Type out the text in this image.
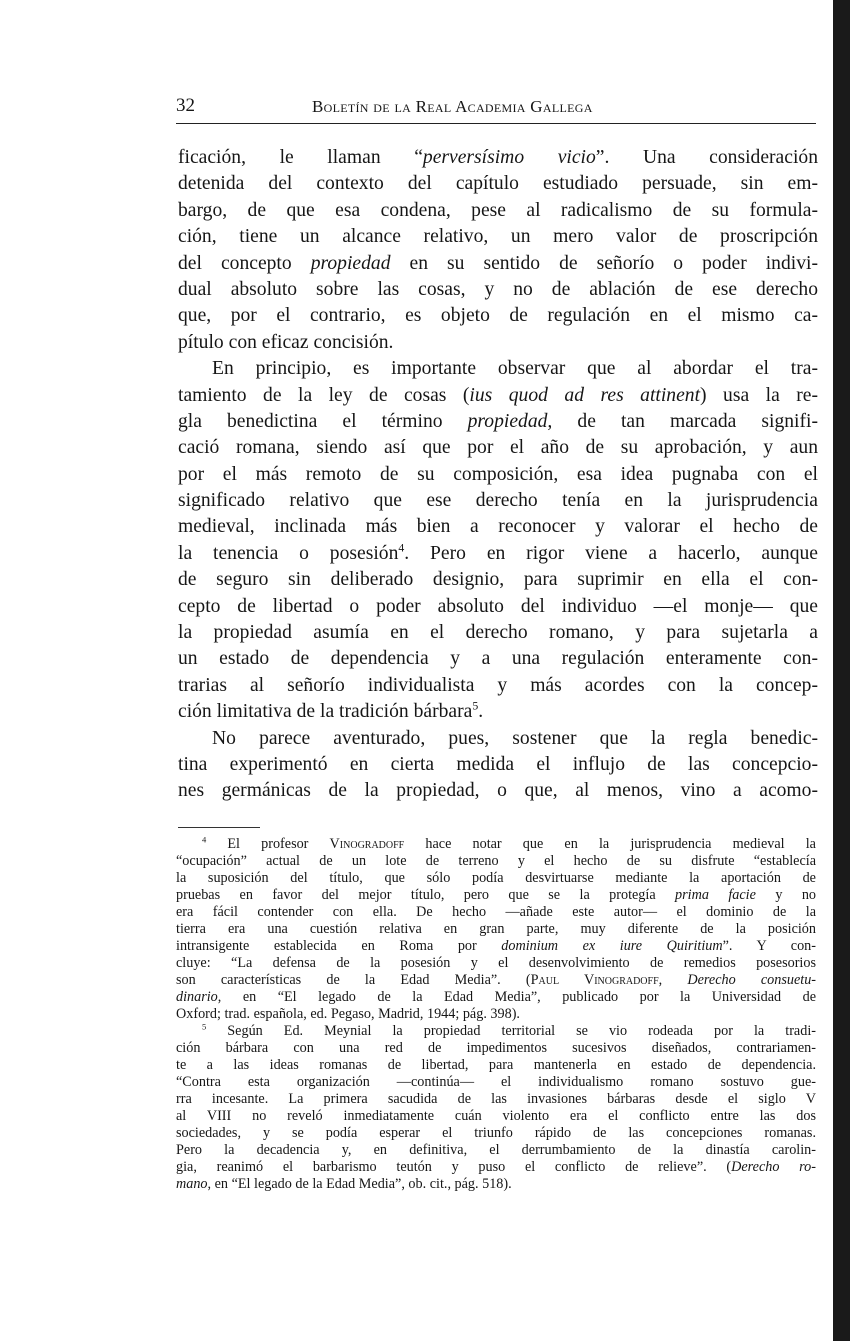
32	Boletín de la Real Academia Gallega
ficación, le llaman “perversísimo vicio”. Una consideración
detenida del contexto del capítulo estudiado persuade, sin em-
bargo, de que esa condena, pese al radicalismo de su formula-
ción, tiene un alcance relativo, un mero valor de proscripción
del concepto propiedad en su sentido de señorío o poder indivi-
dual absoluto sobre las cosas, y no de ablación de ese derecho
que, por el contrario, es objeto de regulación en el mismo ca-
pítulo con eficaz concisión.
En principio, es importante observar que al abordar el tra-
tamiento de la ley de cosas (ius quod ad res attinent) usa la re-
gla benedictina el término propiedad, de tan marcada signifi-
cació romana, siendo así que por el año de su aprobación, y aun
por el más remoto de su composición, esa idea pugnaba con el
significado relativo que ese derecho tenía en la jurisprudencia
medieval, inclinada más bien a reconocer y valorar el hecho de
la tenencia o posesión$^4$. Pero en rigor viene a hacerlo, aunque
de seguro sin deliberado designio, para suprimir en ella el con-
cepto de libertad o poder absoluto del individuo —el monje— que
la propiedad asumía en el derecho romano, y para sujetarla a
un estado de dependencia y a una regulación enteramente con-
trarias al señorío individualista y más acordes con la concep-
ción limitativa de la tradición bárbara$^5$.
No parece aventurado, pues, sostener que la regla benedic-
tina experimentó en cierta medida el influjo de las concepcio-
nes germánicas de la propiedad, o que, al menos, vino a acomo-
$^4$ El profesor Vinogradoff hace notar que en la jurisprudencia medieval la
“ocupación” actual de un lote de terreno y el hecho de su disfrute “establecía
la suposición del título, que sólo podía desvirtuarse mediante la aportación de
pruebas en favor del mejor título, pero que se la protegía prima facie y no
era fácil contender con ella. De hecho —añade este autor— el dominio de la
tierra era una cuestión relativa en gran parte, muy diferente de la posición
intransigente establecida en Roma por dominium ex iure Quiritium”. Y con-
cluye: “La defensa de la posesión y el desenvolvimiento de remedios posesorios
son características de la Edad Media”. (Paul Vinogradoff, Derecho consuetu-
dinario, en “El legado de la Edad Media”, publicado por la Universidad de
Oxford; trad. española, ed. Pegaso, Madrid, 1944; pág. 398).
$^5$ Según Ed. Meynial la propiedad territorial se vio rodeada por la tradi-
ción bárbara con una red de impedimentos sucesivos diseñados, contrariamen-
te a las ideas romanas de libertad, para mantenerla en estado de dependencia.
“Contra esta organización —continúa— el individualismo romano sostuvo gue-
rra incesante. La primera sacudida de las invasiones bárbaras desde el siglo V
al VIII no reveló inmediatamente cuán violento era el conflicto entre las dos
sociedades, y se podía esperar el triunfo rápido de las concepciones romanas.
Pero la decadencia y, en definitiva, el derrumbamiento de la dinastía carolin-
gia, reanimó el barbarismo teutón y puso el conflicto de relieve”. (Derecho ro-
mano, en “El legado de la Edad Media”, ob. cit., pág. 518).
